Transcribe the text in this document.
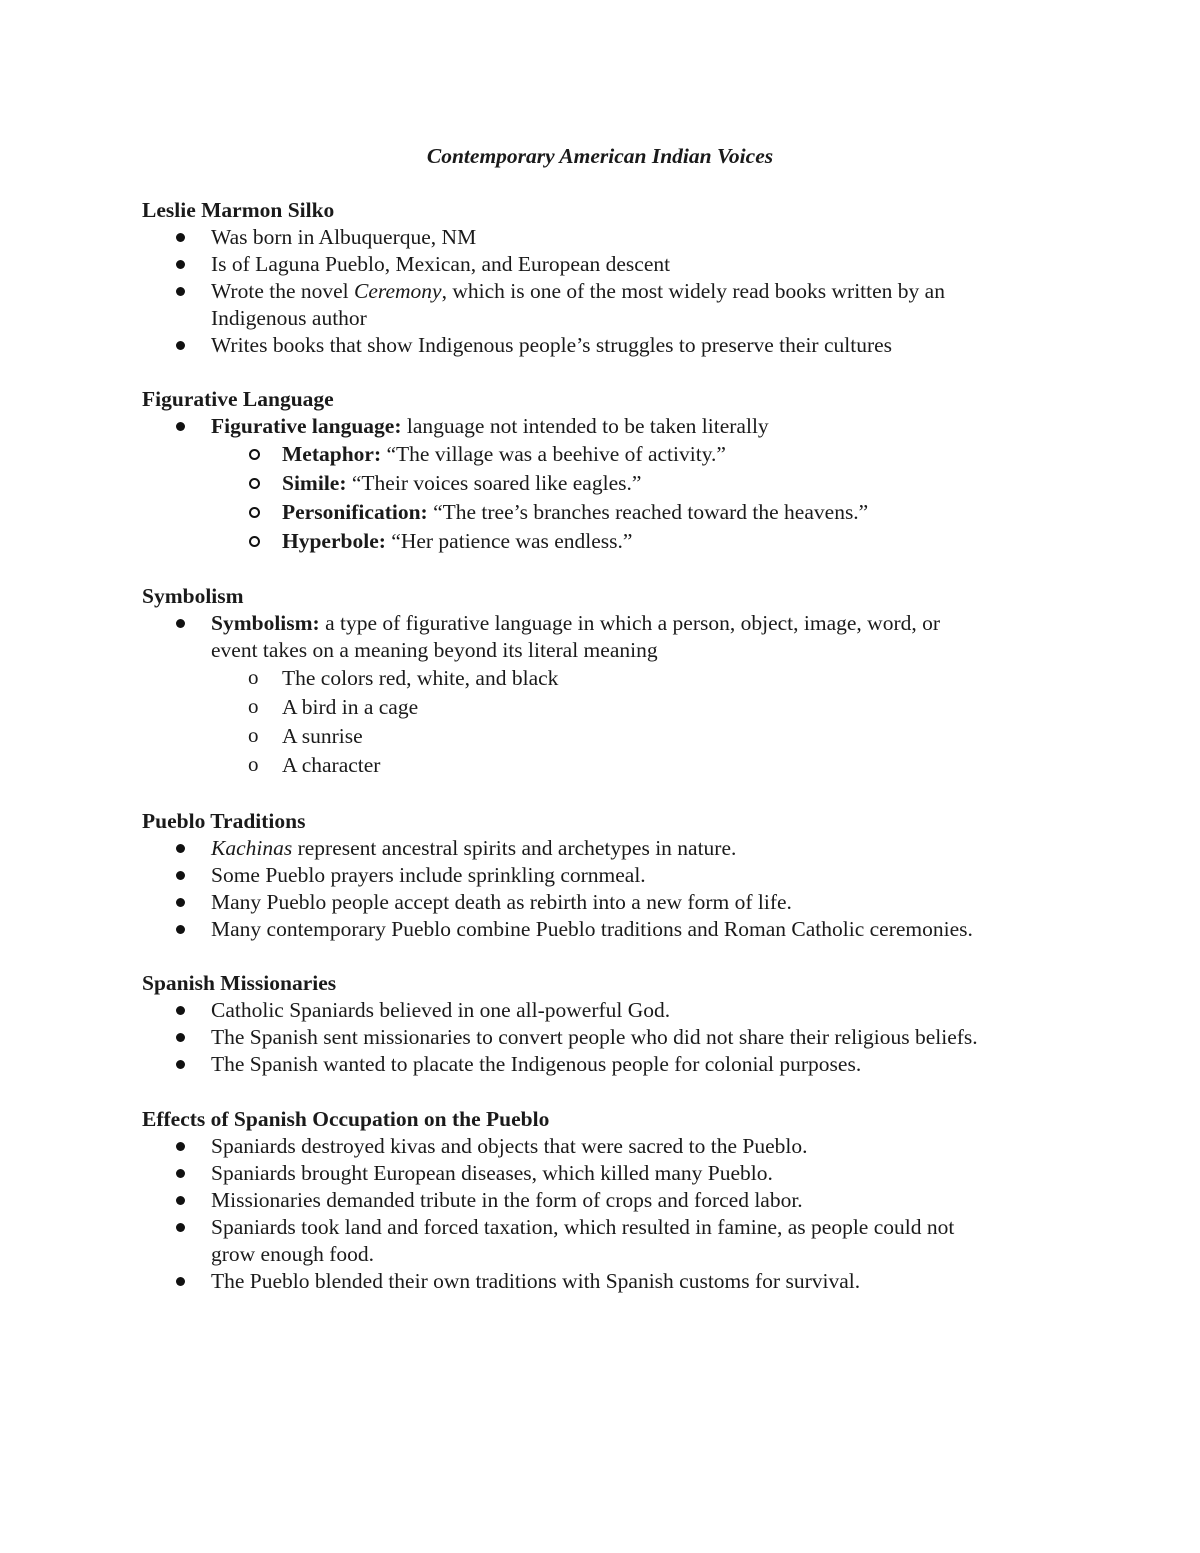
Contemporary American Indian Voices
Leslie Marmon Silko
Was born in Albuquerque, NM
Is of Laguna Pueblo, Mexican, and European descent
Wrote the novel Ceremony, which is one of the most widely read books written by an
Indigenous author
Writes books that show Indigenous people’s struggles to preserve their cultures
Figurative Language
Figurative language: language not intended to be taken literally
Metaphor: “The village was a beehive of activity.”
Simile: “Their voices soared like eagles.”
Personification: “The tree’s branches reached toward the heavens.”
Hyperbole: “Her patience was endless.”
Symbolism
Symbolism: a type of figurative language in which a person, object, image, word, or
event takes on a meaning beyond its literal meaning
o The colors red, white, and black
o A bird in a cage
o A sunrise
o A character
Pueblo Traditions
Kachinas represent ancestral spirits and archetypes in nature.
Some Pueblo prayers include sprinkling cornmeal.
Many Pueblo people accept death as rebirth into a new form of life.
Many contemporary Pueblo combine Pueblo traditions and Roman Catholic ceremonies.
Spanish Missionaries
Catholic Spaniards believed in one all-powerful God.
The Spanish sent missionaries to convert people who did not share their religious beliefs.
The Spanish wanted to placate the Indigenous people for colonial purposes.
Effects of Spanish Occupation on the Pueblo
Spaniards destroyed kivas and objects that were sacred to the Pueblo.
Spaniards brought European diseases, which killed many Pueblo.
Missionaries demanded tribute in the form of crops and forced labor.
Spaniards took land and forced taxation, which resulted in famine, as people could not
grow enough food.
The Pueblo blended their own traditions with Spanish customs for survival.
